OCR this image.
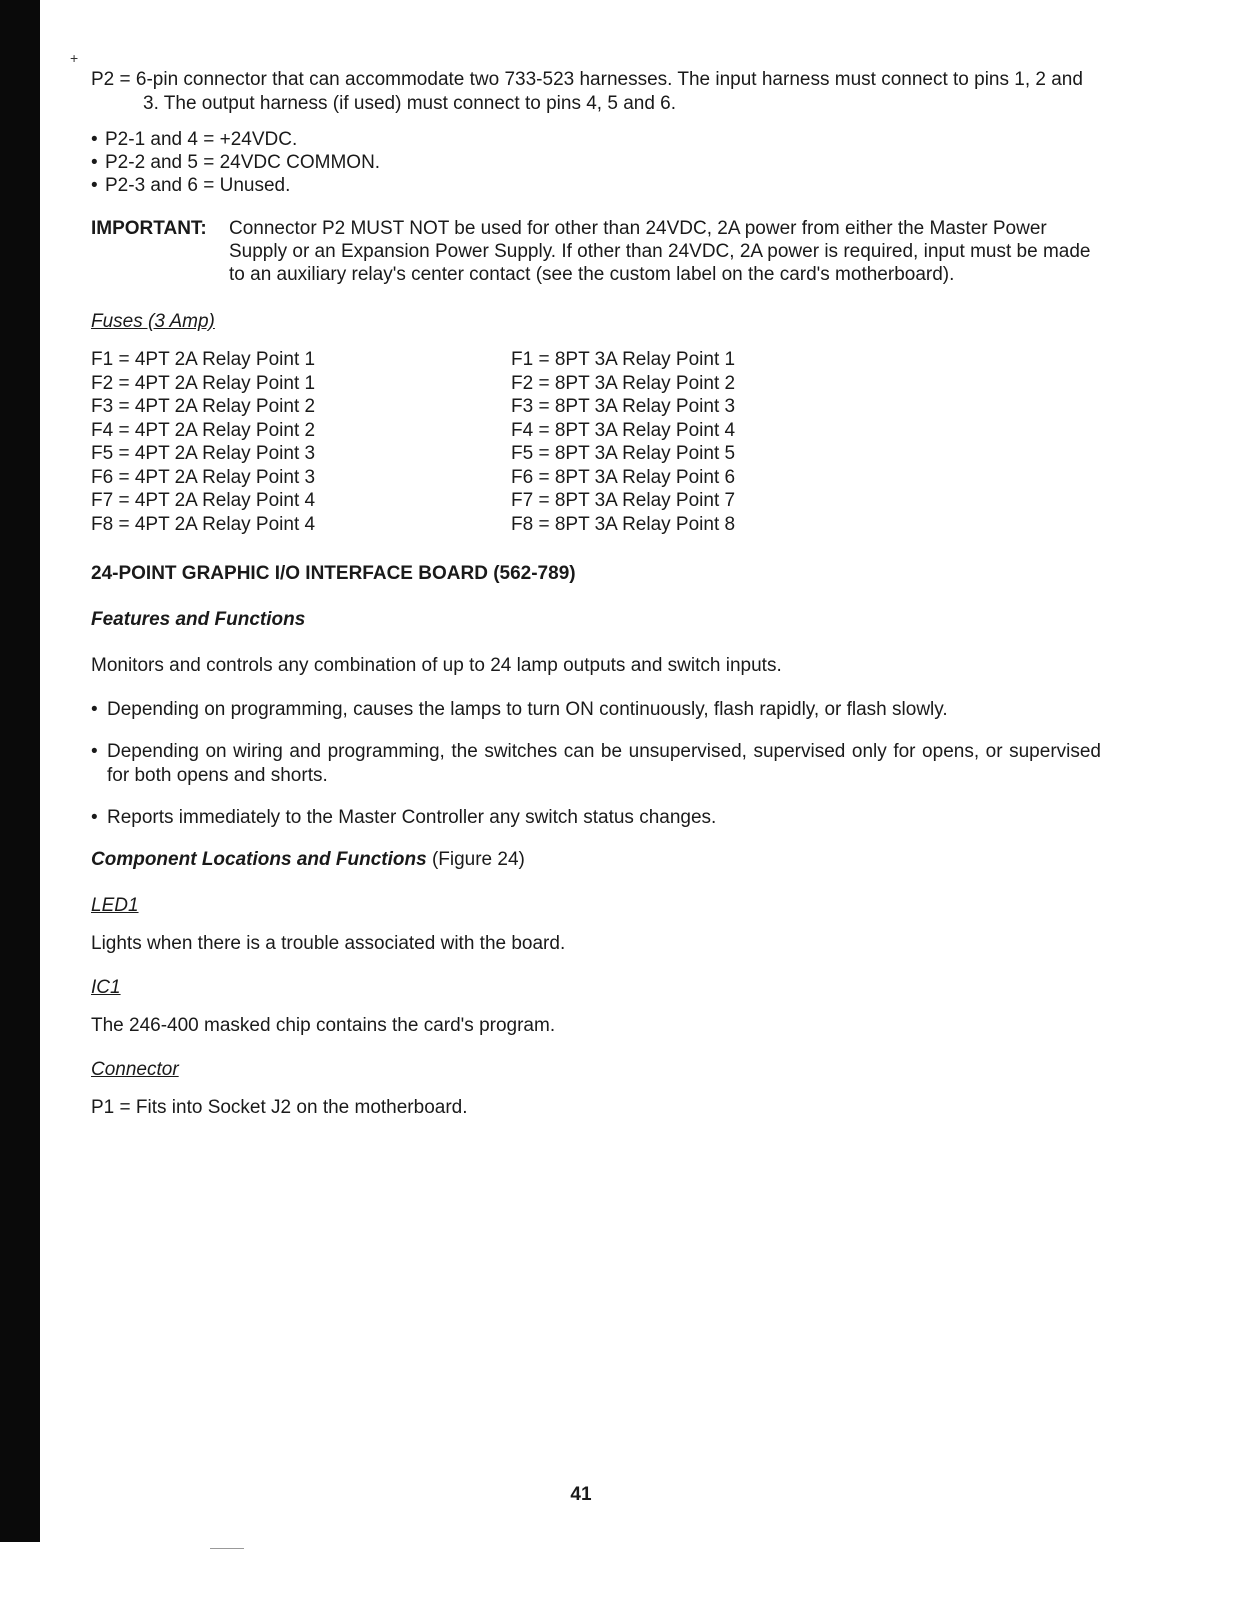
+

P2 = 6-pin connector that can accommodate two 733-523 harnesses. The input harness must connect to pins 1, 2 and 3. The output harness (if used) must connect to pins 4, 5 and 6.

• P2-1 and 4 = +24VDC.
• P2-2 and 5 = 24VDC COMMON.
• P2-3 and 6 = Unused.
IMPORTANT:	Connector P2 MUST NOT be used for other than 24VDC, 2A power from either the Master Power Supply or an Expansion Power Supply. If other than 24VDC, 2A power is required, input must be made to an auxiliary relay's center contact (see the custom label on the card's motherboard).

Fuses (3 Amp)

F1 = 4PT 2A Relay Point 1
F2 = 4PT 2A Relay Point 1
F3 = 4PT 2A Relay Point 2
F4 = 4PT 2A Relay Point 2
F5 = 4PT 2A Relay Point 3
F6 = 4PT 2A Relay Point 3
F7 = 4PT 2A Relay Point 4
F8 = 4PT 2A Relay Point 4
F1 = 8PT 3A Relay Point 1
F2 = 8PT 3A Relay Point 2
F3 = 8PT 3A Relay Point 3
F4 = 8PT 3A Relay Point 4
F5 = 8PT 3A Relay Point 5
F6 = 8PT 3A Relay Point 6
F7 = 8PT 3A Relay Point 7
F8 = 8PT 3A Relay Point 8

24-POINT GRAPHIC I/O INTERFACE BOARD (562-789)

Features and Functions

Monitors and controls any combination of up to 24 lamp outputs and switch inputs.

• Depending on programming, causes the lamps to turn ON continuously, flash rapidly, or flash slowly.
• Depending on wiring and programming, the switches can be unsupervised, supervised only for opens, or supervised for both opens and shorts.
• Reports immediately to the Master Controller any switch status changes.

Component Locations and Functions (Figure 24)

LED1

Lights when there is a trouble associated with the board.

IC1

The 246-400 masked chip contains the card's program.

Connector

P1 = Fits into Socket J2 on the motherboard.

41
